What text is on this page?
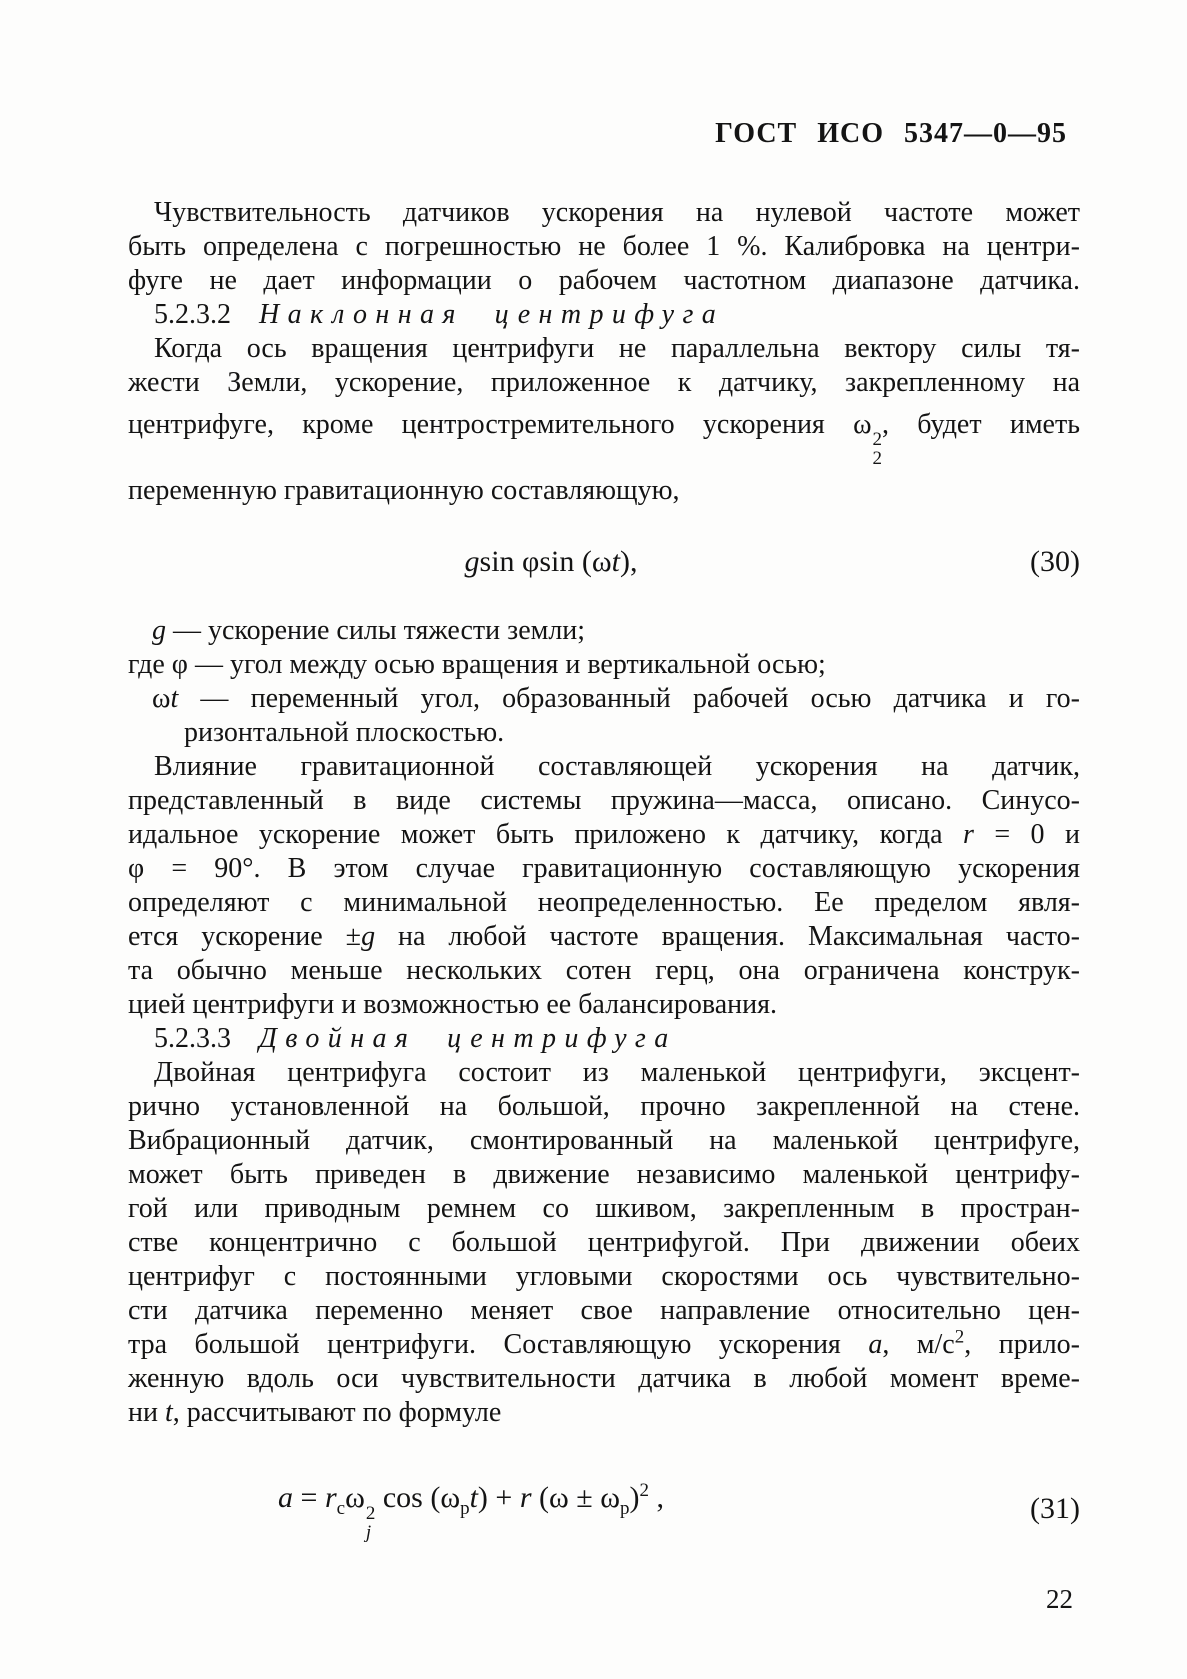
ГОСТ ИСО 5347—0—95
Чувствительность датчиков ускорения на нулевой частоте может
быть определена с погрешностью не более 1 %. Калибровка на центри-
фуге не дает информации о рабочем частотном диапазоне датчика.
5.2.3.2 Наклонная центрифуга
Когда ось вращения центрифуги не параллельна вектору силы тя-
жести Земли, ускорение, приложенное к датчику, закрепленному на
центрифуге, кроме центростремительного ускорения ω 2
2
, будет иметь
переменную гравитационную составляющую,
gsin φsin (ωt),	(30)
g — ускорение силы тяжести земли;
где φ — угол между осью вращения и вертикальной осью;
ωt — переменный угол, образованный рабочей осью датчика и го-
ризонтальной плоскостью.
Влияние гравитационной составляющей ускорения на датчик,
представленный в виде системы пружина—масса, описано. Синусо-
идальное ускорение может быть приложено к датчику, когда r = 0 и
φ = 90°. В этом случае гравитационную составляющую ускорения
определяют с минимальной неопределенностью. Ее пределом явля-
ется ускорение ±g на любой частоте вращения. Максимальная часто-
та обычно меньше нескольких сотен герц, она ограничена конструк-
цией центрифуги и возможностью ее балансирования.
5.2.3.3 Двойная центрифуга
Двойная центрифуга состоит из маленькой центрифуги, эксцент-
рично установленной на большой, прочно закрепленной на стене.
Вибрационный датчик, смонтированный на маленькой центрифуге,
может быть приведен в движение независимо маленькой центрифу-
гой или приводным ремнем со шкивом, закрепленным в простран-
стве концентрично с большой центрифугой. При движении обеих
центрифуг с постоянными угловыми скоростями ось чувствительно-
сти датчика переменно меняет свое направление относительно цен-
тра большой центрифуги. Составляющую ускорения a, $м/с^2$, прило-
женную вдоль оси чувствительности датчика в любой момент време-
ни t, рассчитывают по формуле
$a = r_c\omega$
2
j
$\cos (\omega_pt) + r$ $(\omega \pm \omega_p)^2$ ,	(31)
22
